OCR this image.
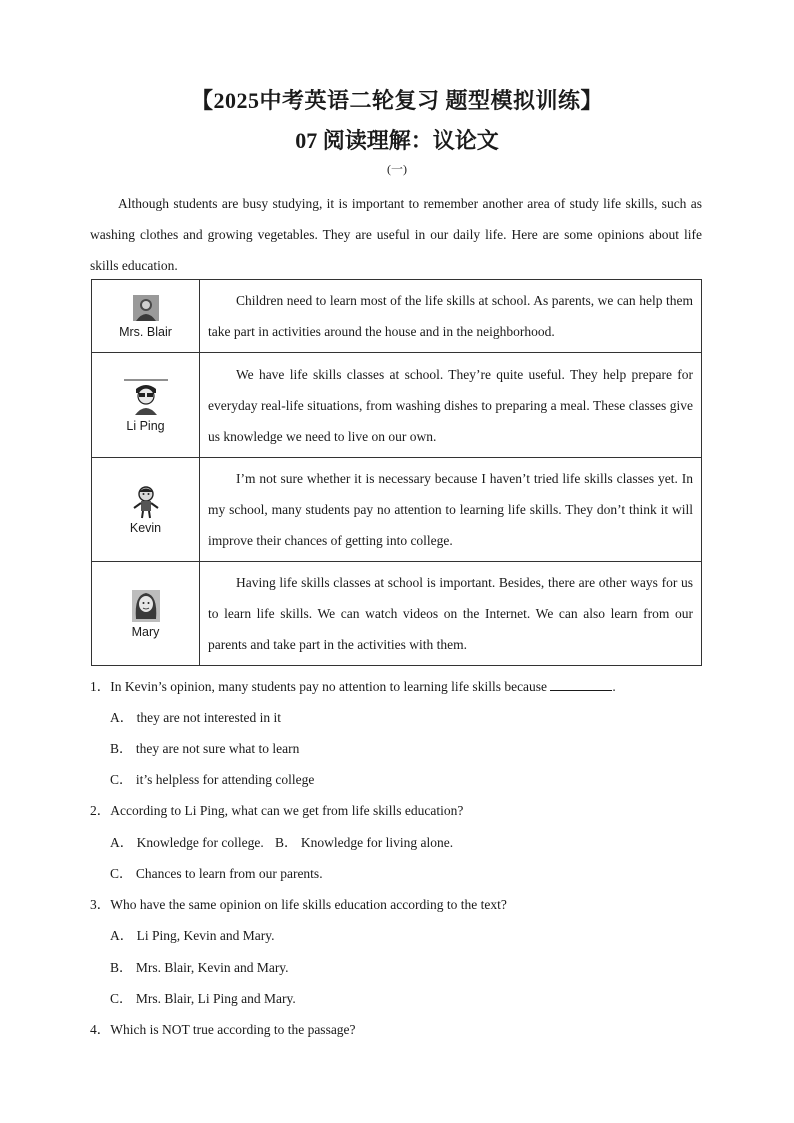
【2025中考英语二轮复习 题型模拟训练】
07 阅读理解：议论文
(一)
Although students are busy studying, it is important to remember another area of study life skills, such as washing clothes and growing vegetables. They are useful in our daily life. Here are some opinions about life skills education.
Mrs. Blair	Children need to learn most of the life skills at school. As parents, we can help them take part in activities around the house and in the neighborhood.

Li Ping	We have life skills classes at school. They’re quite useful. They help prepare for everyday real-life situations, from washing dishes to preparing a meal. These classes give us knowledge we need to live on our own.

Kevin	I’m not sure whether it is necessary because I haven’t tried life skills classes yet. In my school, many students pay no attention to learning life skills. They don’t think it will improve their chances of getting into college.

Mary	Having life skills classes at school is important. Besides, there are other ways for us to learn life skills. We can watch videos on the Internet. We can also learn from our parents and take part in the activities with them.
1．In Kevin’s opinion, many students pay no attention to learning life skills because	.
A． they are not interested in it
B． they are not sure what to learn
C． it’s helpless for attending college
2．According to Li Ping, what can we get from life skills education?
A． Knowledge for college. B． Knowledge for living alone.
C． Chances to learn from our parents.
3．Who have the same opinion on life skills education according to the text?
A． Li Ping, Kevin and Mary.
B． Mrs. Blair, Kevin and Mary.
C． Mrs. Blair, Li Ping and Mary.
4．Which is NOT true according to the passage?
